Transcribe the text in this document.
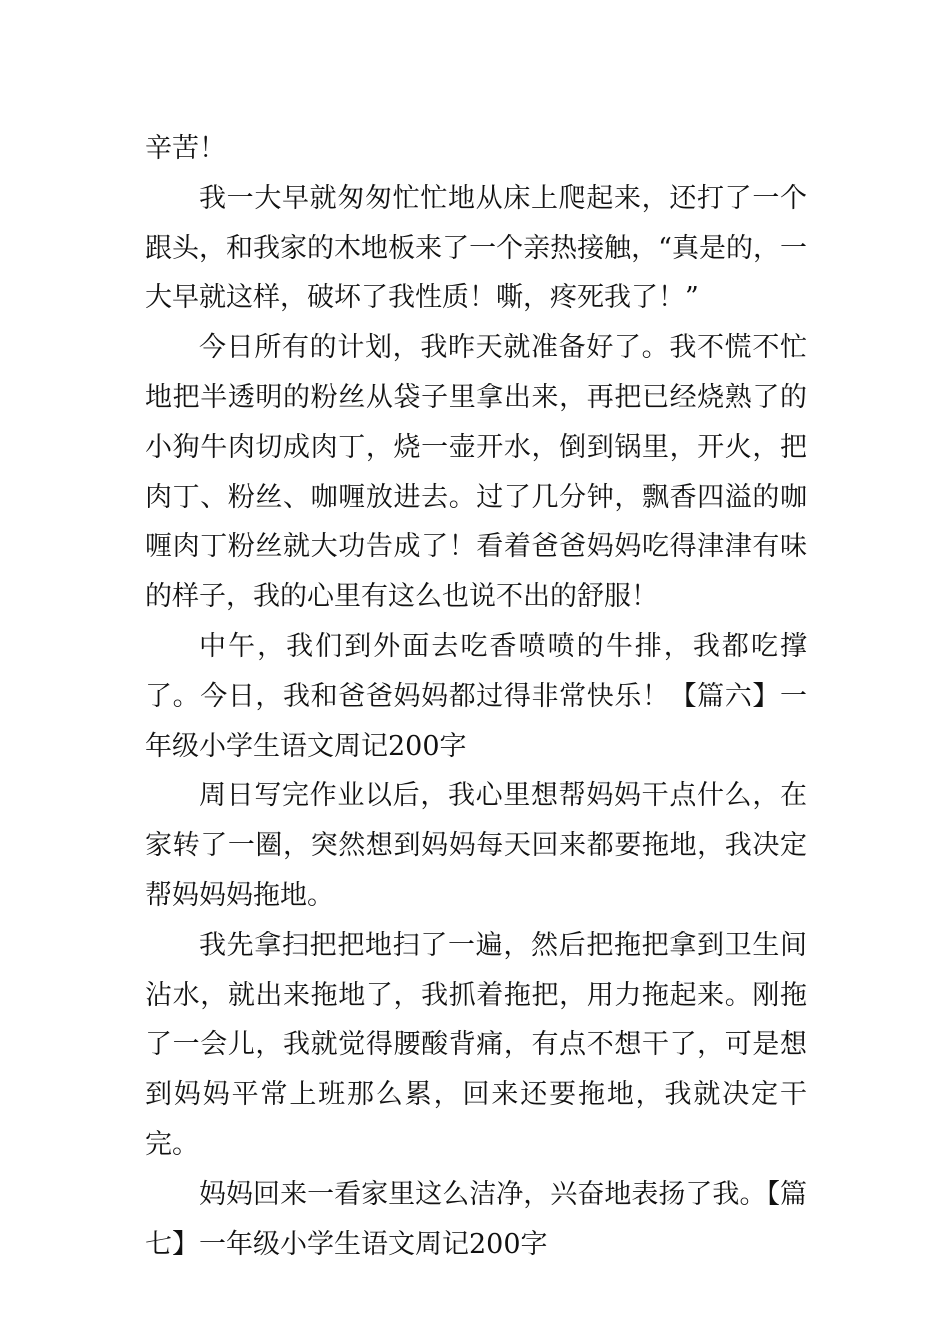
辛苦！

我一大早就匆匆忙忙地从床上爬起来，还打了一个跟头，和我家的木地板来了一个亲热接触，“真是的，一大早就这样，破坏了我性质！嘶，疼死我了！”

今日所有的计划，我昨天就准备好了。我不慌不忙地把半透明的粉丝从袋子里拿出来，再把已经烧熟了的小狗牛肉切成肉丁，烧一壶开水，倒到锅里，开火，把肉丁、粉丝、咖喱放进去。过了几分钟，飘香四溢的咖喱肉丁粉丝就大功告成了！看着爸爸妈妈吃得津津有味的样子，我的心里有这么也说不出的舒服！

中午，我们到外面去吃香喷喷的牛排，我都吃撑了。今日，我和爸爸妈妈都过得非常快乐！【篇六】一年级小学生语文周记200字

周日写完作业以后，我心里想帮妈妈干点什么，在家转了一圈，突然想到妈妈每天回来都要拖地，我决定帮妈妈妈拖地。

我先拿扫把把地扫了一遍，然后把拖把拿到卫生间沾水，就出来拖地了，我抓着拖把，用力拖起来。刚拖了一会儿，我就觉得腰酸背痛，有点不想干了，可是想到妈妈平常上班那么累，回来还要拖地，我就决定干完。

妈妈回来一看家里这么洁净，兴奋地表扬了我。【篇七】一年级小学生语文周记200字
